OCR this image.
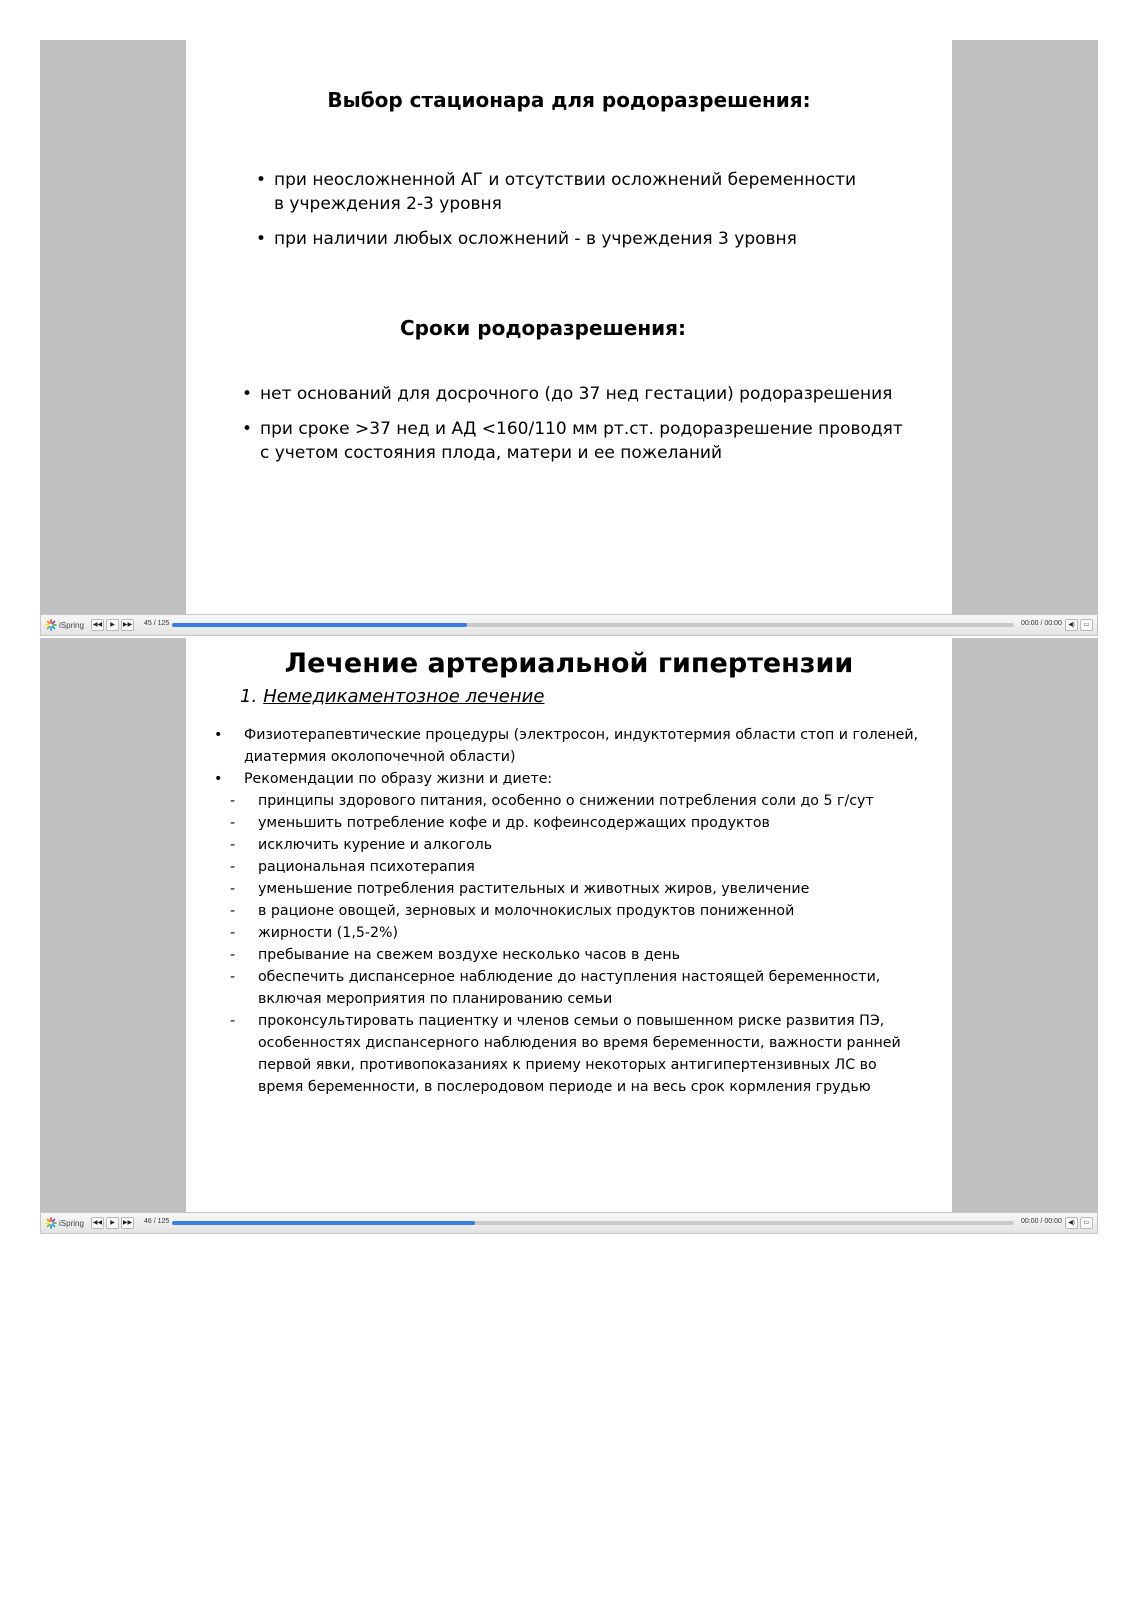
Выбор стационара для родоразрешения:
• при неосложненной АГ и отсутствии осложнений беременности
в учреждения 2-3 уровня
• при наличии любых осложнений - в учреждения 3 уровня
Сроки родоразрешения:
• нет оснований для досрочного (до 37 нед гестации) родоразрешения
• при сроке >37 нед и АД <160/110 мм рт.ст. родоразрешение проводят
с учетом состояния плода, матери и ее пожеланий
iSpring	◀◀	▶	▶▶ 45 / 125	00:00 / 00:00	◀)	▭
Лечение артериальной гипертензии
1. Немедикаментозное лечение
• Физиотерапевтические процедуры (электросон, индуктотермия области стоп и голеней,
диатермия околопочечной области)
• Рекомендации по образу жизни и диете:
- принципы здорового питания, особенно о снижении потребления соли до 5 г/сут
- уменьшить потребление кофе и др. кофеинсодержащих продуктов
- исключить курение и алкоголь
- рациональная психотерапия
- уменьшение потребления растительных и животных жиров, увеличение
- в рационе овощей, зерновых и молочнокислых продуктов пониженной
- жирности (1,5-2%)
- пребывание на свежем воздухе несколько часов в день
- обеспечить диспансерное наблюдение до наступления настоящей беременности,
включая мероприятия по планированию семьи
- проконсультировать пациентку и членов семьи о повышенном риске развития ПЭ,
особенностях диспансерного наблюдения во время беременности, важности ранней
первой явки, противопоказаниях к приему некоторых антигипертензивных ЛС во
время беременности, в послеродовом периоде и на весь срок кормления грудью
iSpring	◀◀	▶	▶▶ 46 / 125	00:00 / 00:00	◀)	▭
